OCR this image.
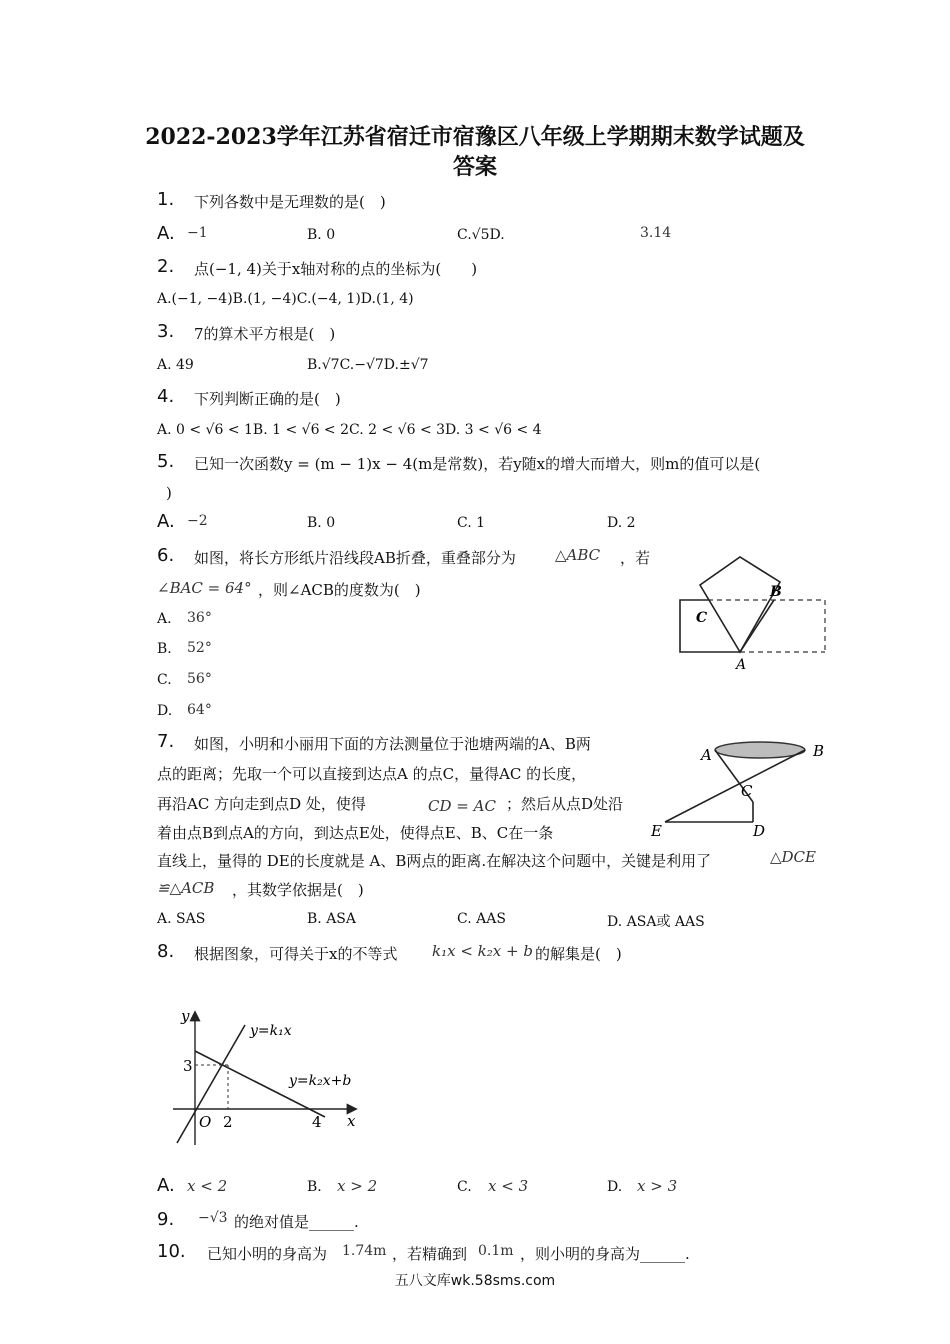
2022-2023学年江苏省宿迁市宿豫区八年级上学期期末数学试题及
答案
1. 下列各数中是无理数的是(　)
A. −1	B. 0	C.√5D.	3.14
2. 点(−1, 4)关于x轴对称的点的坐标为(　　)
A.(−1, −4)B.(1, −4)C.(−4, 1)D.(1, 4)
3. 7的算术平方根是(　)
A. 49	B.√7C.−√7D.±√7
4. 下列判断正确的是(　)
A. 0 < √6 < 1B. 1 < √6 < 2C. 2 < √6 < 3D. 3 < √6 < 4
5. 已知一次函数y = (m − 1)x − 4(m是常数)，若y随x的增大而增大，则m的值可以是(
)
A. −2	B. 0	C. 1	D. 2
6. 如图，将长方形纸片沿线段AB折叠，重叠部分为	△ABC ，若
∠BAC = 64° ，则∠ACB的度数为(　)
A. 36°
B. 52°
C. 56°
D. 64°
A
B
C
7. 如图，小明和小丽用下面的方法测量位于池塘两端的A、B两
点的距离；先取一个可以直接到达点A 的点C，量得AC 的长度，
再沿AC 方向走到点D 处，使得	CD = AC ；然后从点D处沿
着由点B到点A的方向，到达点E处，使得点E、B、C在一条
直线上，量得的 DE的长度就是 A、B两点的距离.在解决这个问题中，关键是利用了	△DCE
≌△ACB ，其数学依据是(　)
A. SAS	B. ASA	C. AAS	D. ASA或 AAS
A	B
C
D
E
8. 根据图象，可得关于x的不等式 k₁x < k₂x + b 的解集是(　)
y
x
O
3
2	4
y=k₁x
y=k₂x+b
A. x < 2	B. x > 2	C. x < 3	D. x > 3
9. −√3 的绝对值是______.
10. 已知小明的身高为 1.74m ，若精确到 0.1m ，则小明的身高为______.
五八文库wk.58sms.com
